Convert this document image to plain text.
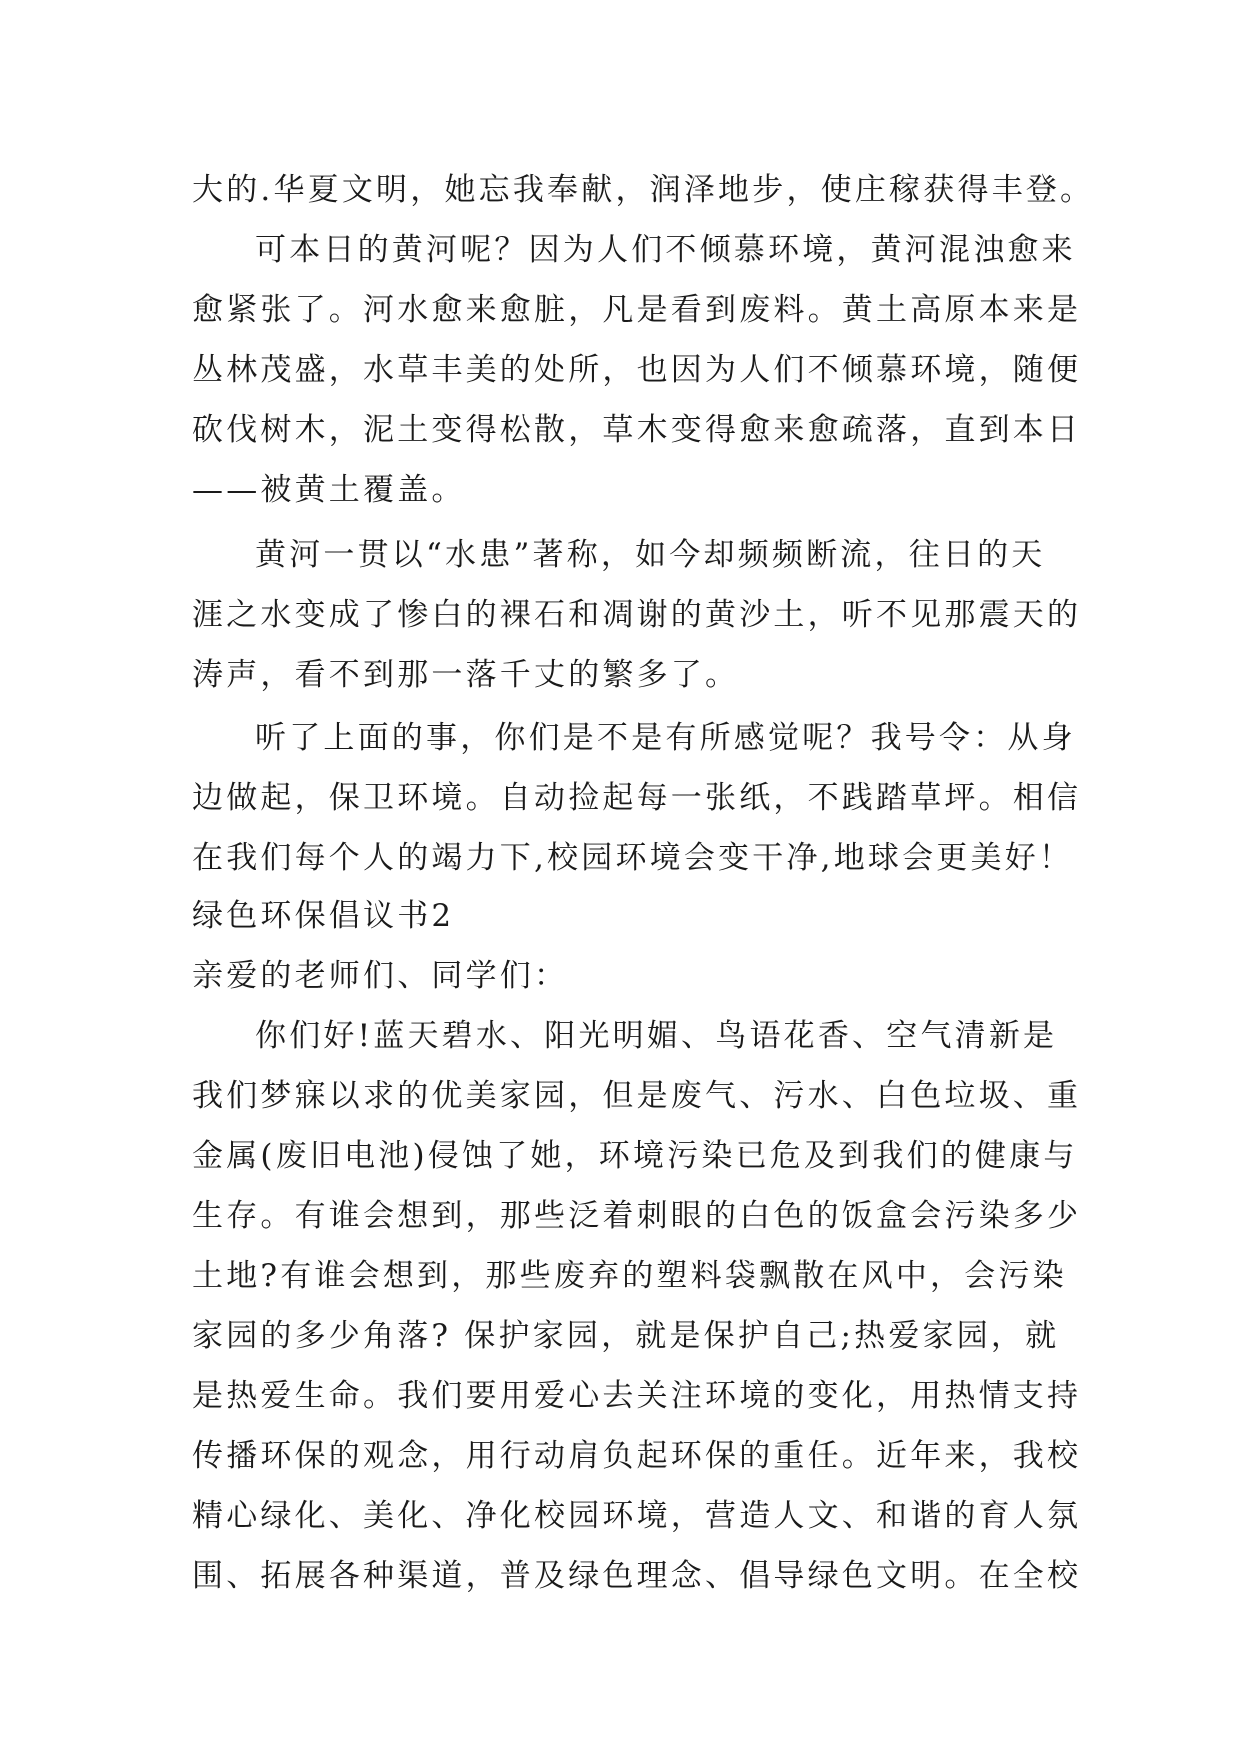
大的.华夏文明，她忘我奉献，润泽地步，使庄稼获得丰登。
可本日的黄河呢？因为人们不倾慕环境，黄河混浊愈来
愈紧张了。河水愈来愈脏，凡是看到废料。黄土高原本来是
丛林茂盛，水草丰美的处所，也因为人们不倾慕环境，随便
砍伐树木，泥土变得松散，草木变得愈来愈疏落，直到本日
——被黄土覆盖。
黄河一贯以“水患”著称，如今却频频断流，往日的天
涯之水变成了惨白的裸石和凋谢的黄沙土，听不见那震天的
涛声，看不到那一落千丈的繁多了。
听了上面的事，你们是不是有所感觉呢？我号令：从身
边做起，保卫环境。自动捡起每一张纸，不践踏草坪。相信
在我们每个人的竭力下,校园环境会变干净,地球会更美好！
绿色环保倡议书2
亲爱的老师们、同学们：
你们好!蓝天碧水、阳光明媚、鸟语花香、空气清新是
我们梦寐以求的优美家园，但是废气、污水、白色垃圾、重
金属(废旧电池)侵蚀了她，环境污染已危及到我们的健康与
生存。有谁会想到，那些泛着刺眼的白色的饭盒会污染多少
土地?有谁会想到，那些废弃的塑料袋飘散在风中，会污染
家园的多少角落? 保护家园，就是保护自己;热爱家园，就
是热爱生命。我们要用爱心去关注环境的变化，用热情支持
传播环保的观念，用行动肩负起环保的重任。近年来，我校
精心绿化、美化、净化校园环境，营造人文、和谐的育人氛
围、拓展各种渠道，普及绿色理念、倡导绿色文明。在全校
